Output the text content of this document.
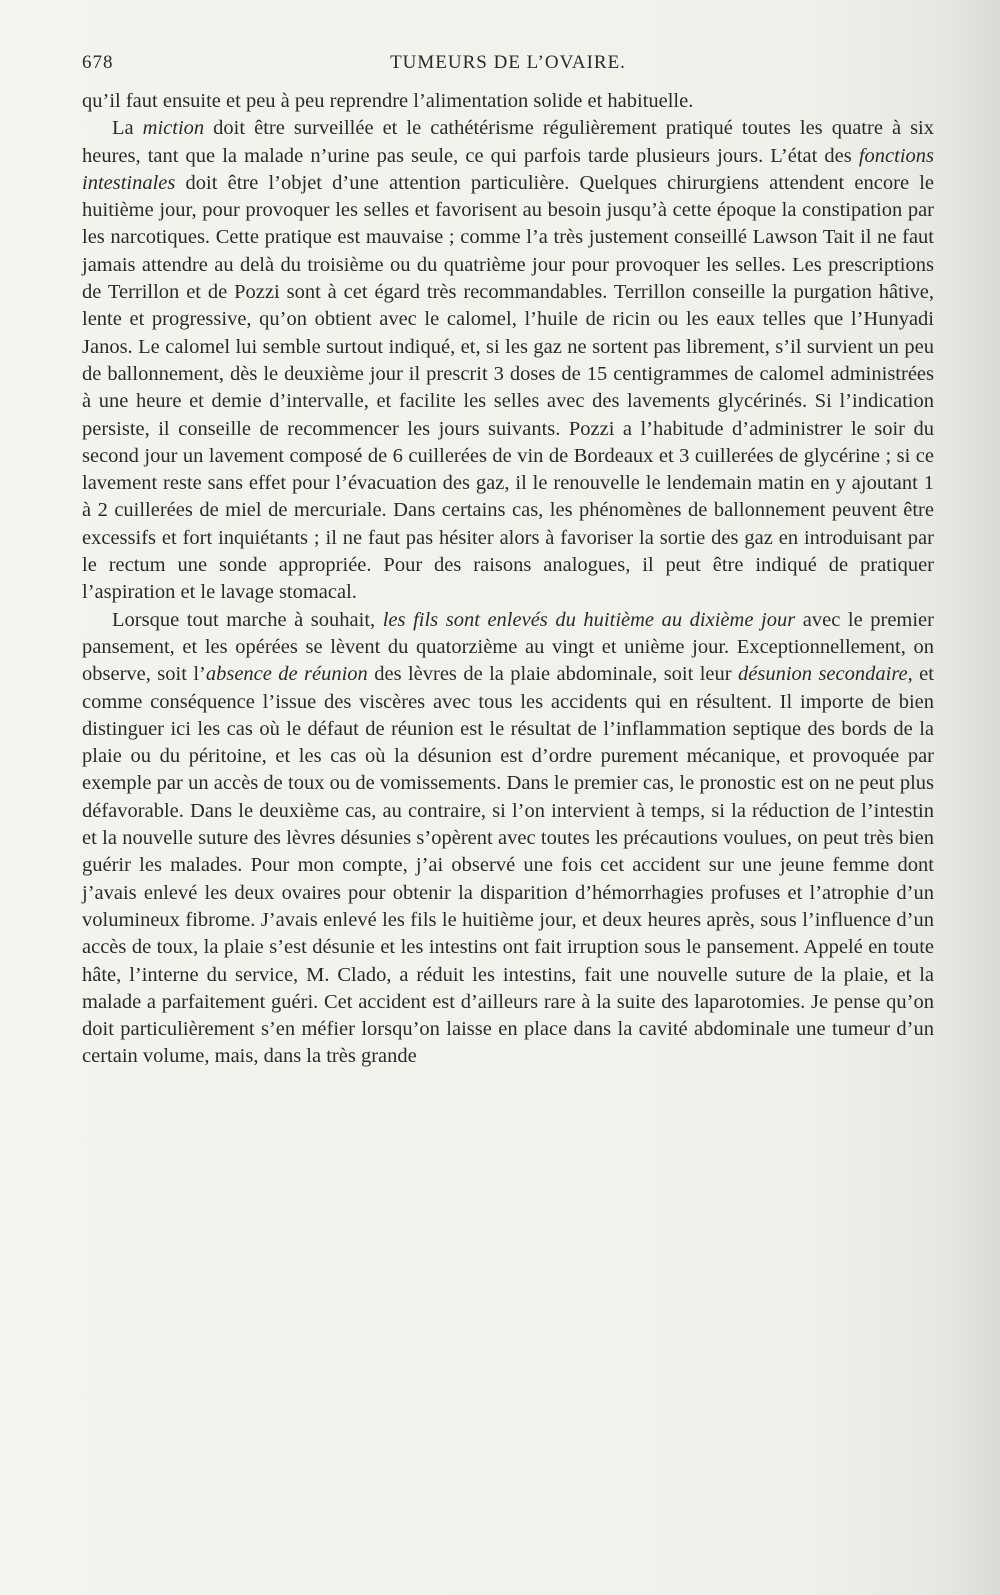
678	TUMEURS DE L’OVAIRE.

qu’il faut ensuite et peu à peu reprendre l’alimentation solide et habituelle.

La miction doit être surveillée et le cathétérisme régulièrement pratiqué toutes les quatre à six heures, tant que la malade n’urine pas seule, ce qui parfois tarde plusieurs jours. L’état des fonctions intestinales doit être l’objet d’une attention particulière. Quelques chirurgiens attendent encore le huitième jour, pour provoquer les selles et favorisent au besoin jusqu’à cette époque la constipation par les narcotiques. Cette pratique est mauvaise ; comme l’a très justement conseillé Lawson Tait il ne faut jamais attendre au delà du troisième ou du quatrième jour pour provoquer les selles. Les prescriptions de Terrillon et de Pozzi sont à cet égard très recommandables. Terrillon conseille la purgation hâtive, lente et progressive, qu’on obtient avec le calomel, l’huile de ricin ou les eaux telles que l’Hunyadi Janos. Le calomel lui semble surtout indiqué, et, si les gaz ne sortent pas librement, s’il survient un peu de ballonnement, dès le deuxième jour il prescrit 3 doses de 15 centigrammes de calomel administrées à une heure et demie d’intervalle, et facilite les selles avec des lavements glycérinés. Si l’indication persiste, il conseille de recommencer les jours suivants. Pozzi a l’habitude d’administrer le soir du second jour un lavement composé de 6 cuillerées de vin de Bordeaux et 3 cuillerées de glycérine ; si ce lavement reste sans effet pour l’évacuation des gaz, il le renouvelle le lendemain matin en y ajoutant 1 à 2 cuillerées de miel de mercuriale. Dans certains cas, les phénomènes de ballonnement peuvent être excessifs et fort inquiétants ; il ne faut pas hésiter alors à favoriser la sortie des gaz en introduisant par le rectum une sonde appropriée. Pour des raisons analogues, il peut être indiqué de pratiquer l’aspiration et le lavage stomacal.

Lorsque tout marche à souhait, les fils sont enlevés du huitième au dixième jour avec le premier pansement, et les opérées se lèvent du quatorzième au vingt et unième jour. Exceptionnellement, on observe, soit l’absence de réunion des lèvres de la plaie abdominale, soit leur désunion secondaire, et comme conséquence l’issue des viscères avec tous les accidents qui en résultent. Il importe de bien distinguer ici les cas où le défaut de réunion est le résultat de l’inflammation septique des bords de la plaie ou du péritoine, et les cas où la désunion est d’ordre purement mécanique, et provoquée par exemple par un accès de toux ou de vomissements. Dans le premier cas, le pronostic est on ne peut plus défavorable. Dans le deuxième cas, au contraire, si l’on intervient à temps, si la réduction de l’intestin et la nouvelle suture des lèvres désunies s’opèrent avec toutes les précautions voulues, on peut très bien guérir les malades. Pour mon compte, j’ai observé une fois cet accident sur une jeune femme dont j’avais enlevé les deux ovaires pour obtenir la disparition d’hémorrhagies profuses et l’atrophie d’un volumineux fibrome. J’avais enlevé les fils le huitième jour, et deux heures après, sous l’influence d’un accès de toux, la plaie s’est désunie et les intestins ont fait irruption sous le pansement. Appelé en toute hâte, l’interne du service, M. Clado, a réduit les intestins, fait une nouvelle suture de la plaie, et la malade a parfaitement guéri. Cet accident est d’ailleurs rare à la suite des laparotomies. Je pense qu’on doit particulièrement s’en méfier lorsqu’on laisse en place dans la cavité abdominale une tumeur d’un certain volume, mais, dans la très grande
